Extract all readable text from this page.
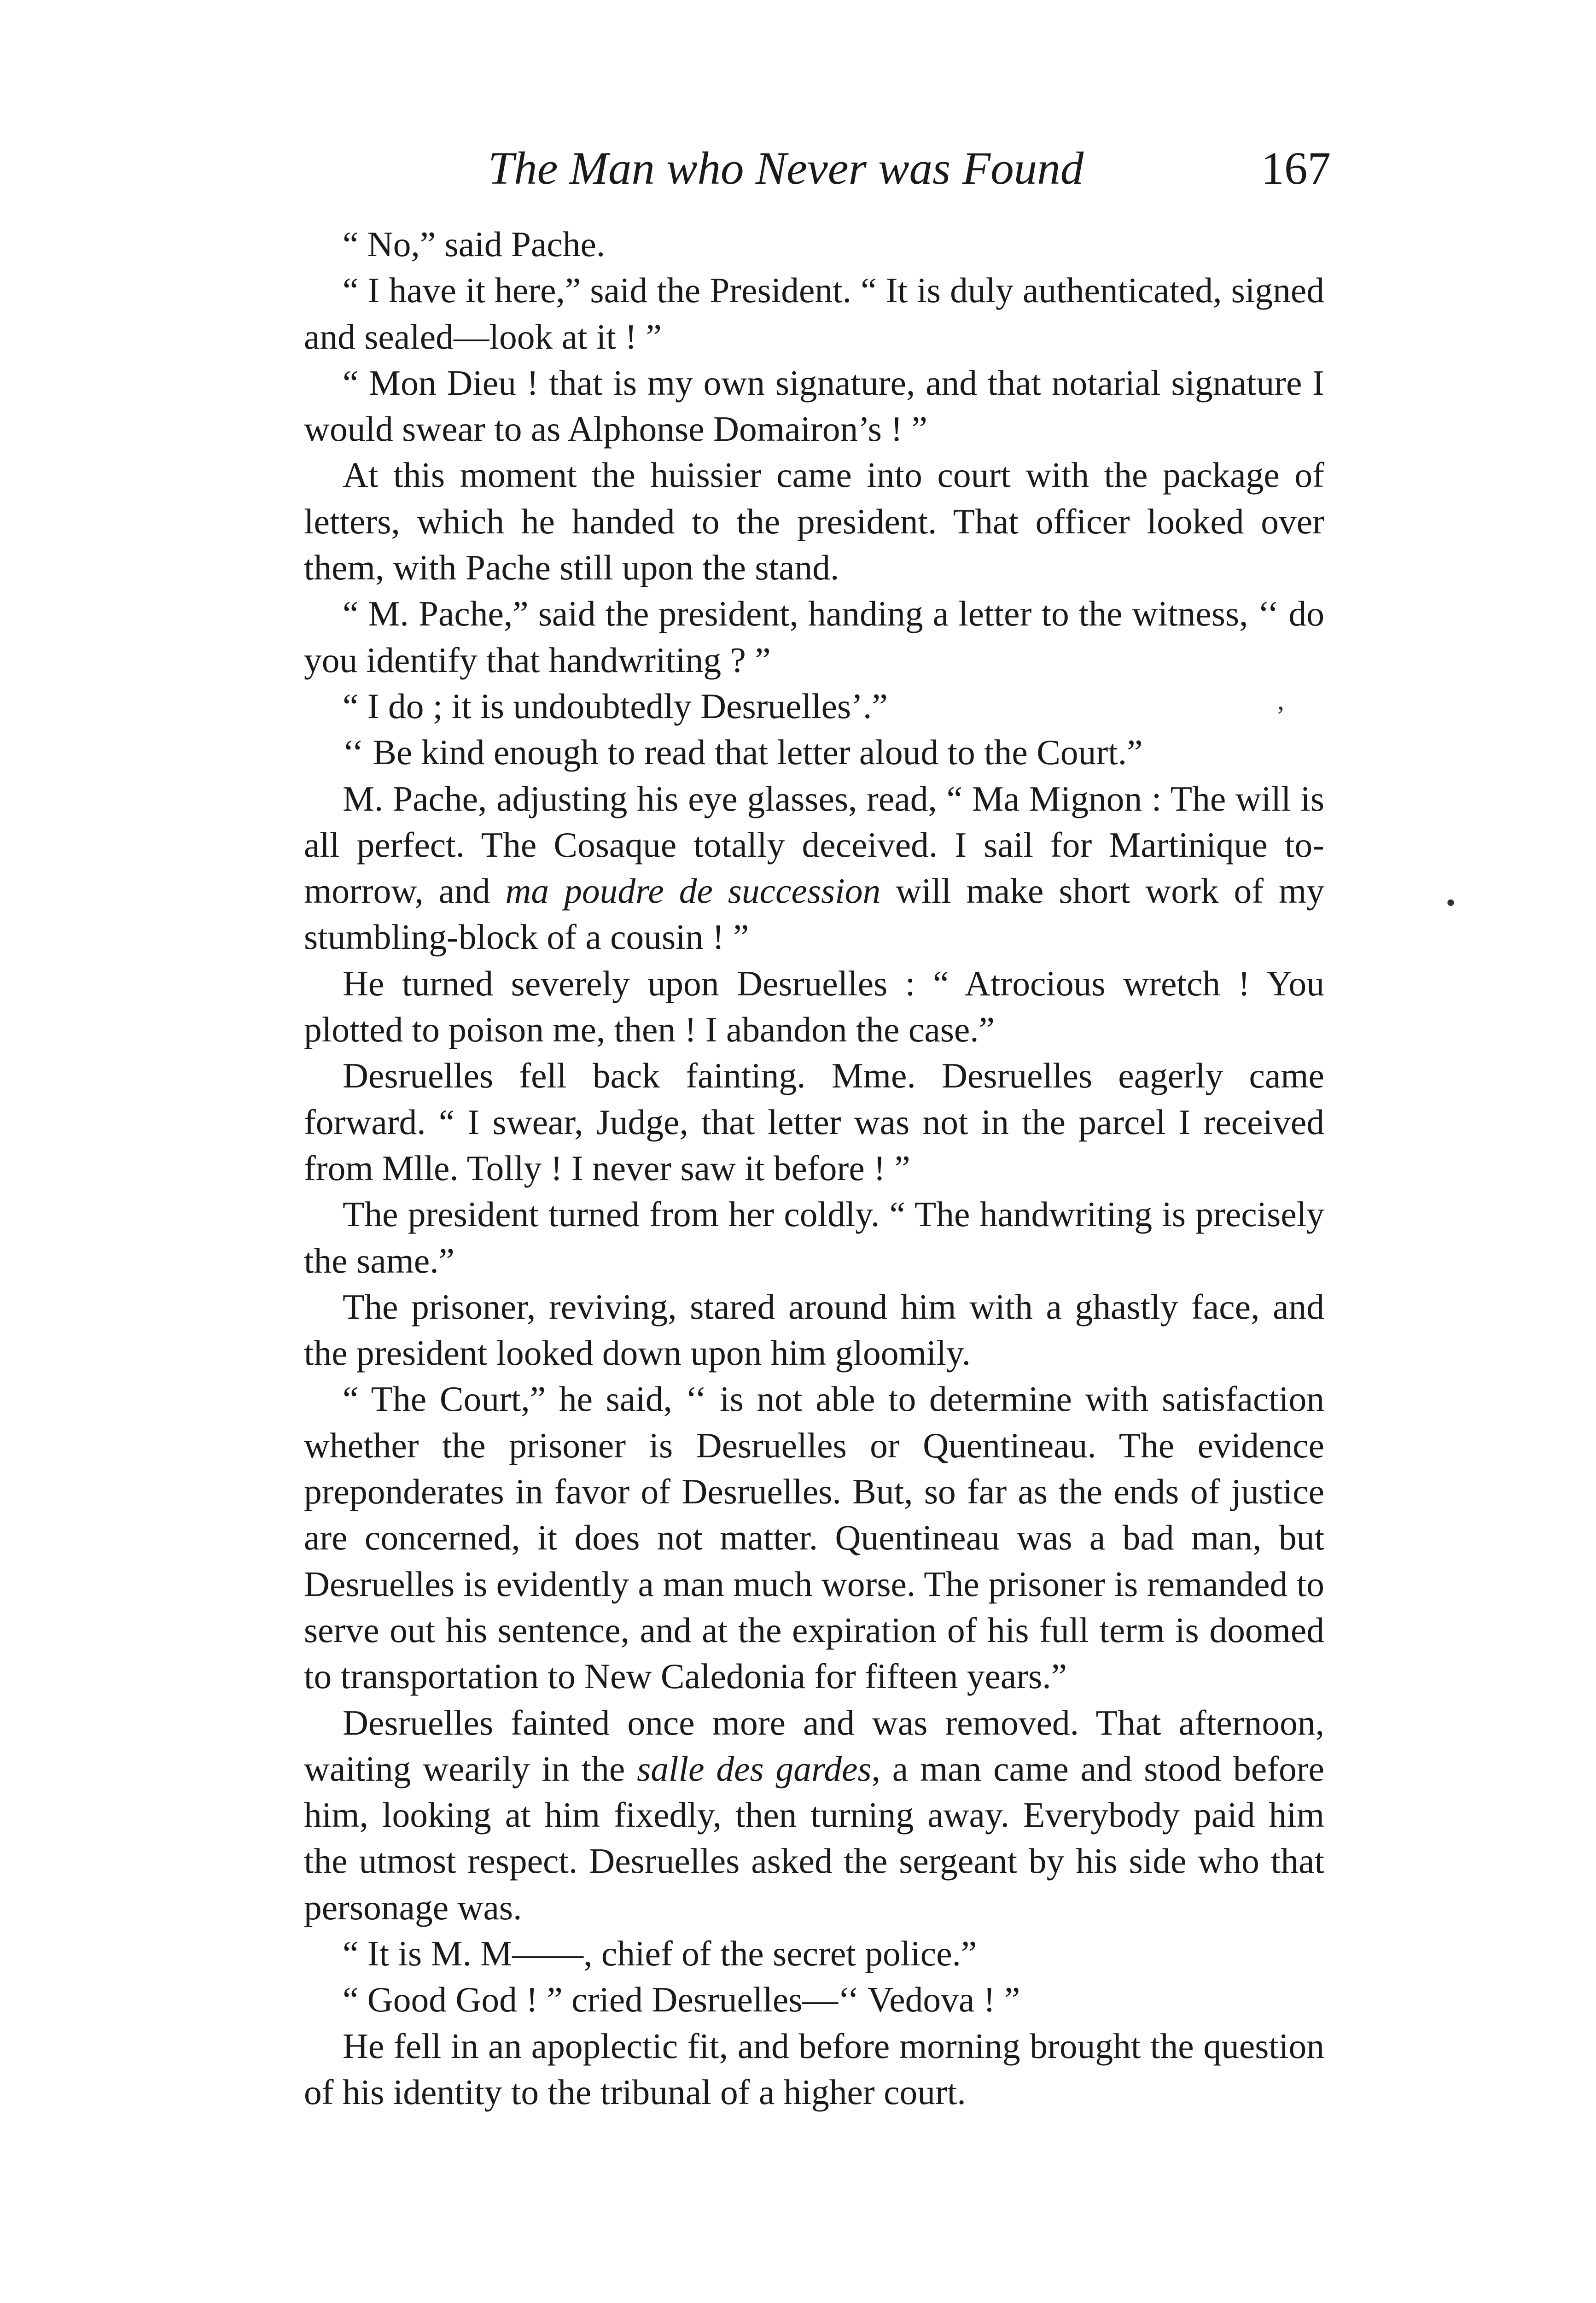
The Man who Never was Found	167

“ No,” said Pache.

“ I have it here,” said the President. “ It is duly authenticated, signed and sealed—look at it ! ”

“ Mon Dieu ! that is my own signature, and that notarial signature I would swear to as Alphonse Domairon’s ! ”

At this moment the huissier came into court with the package of letters, which he handed to the president. That officer looked over them, with Pache still upon the stand.

“ M. Pache,” said the president, handing a letter to the witness, ‘‘ do you identify that handwriting ? ”

“ I do ; it is undoubtedly Desruelles’.”

‘‘ Be kind enough to read that letter aloud to the Court.”

M. Pache, adjusting his eye glasses, read, “ Ma Mignon : The will is all perfect. The Cosaque totally deceived. I sail for Martinique to-morrow, and ma poudre de succession will make short work of my stumbling-block of a cousin ! ”

He turned severely upon Desruelles : “ Atrocious wretch ! You plotted to poison me, then ! I abandon the case.”

Desruelles fell back fainting. Mme. Desruelles eagerly came forward. “ I swear, Judge, that letter was not in the parcel I received from Mlle. Tolly ! I never saw it before ! ”

The president turned from her coldly. “ The handwriting is precisely the same.”

The prisoner, reviving, stared around him with a ghastly face, and the president looked down upon him gloomily.

“ The Court,” he said, ‘‘ is not able to determine with satisfaction whether the prisoner is Desruelles or Quentineau. The evidence preponderates in favor of Desruelles. But, so far as the ends of justice are concerned, it does not matter. Quentineau was a bad man, but Desruelles is evidently a man much worse. The prisoner is remanded to serve out his sentence, and at the expiration of his full term is doomed to transportation to New Caledonia for fifteen years.”

Desruelles fainted once more and was removed. That afternoon, waiting wearily in the salle des gardes, a man came and stood before him, looking at him fixedly, then turning away. Everybody paid him the utmost respect. Desruelles asked the sergeant by his side who that personage was.

“ It is M. M——, chief of the secret police.”

“ Good God ! ” cried Desruelles—‘‘ Vedova ! ”

He fell in an apoplectic fit, and before morning brought the question of his identity to the tribunal of a higher court.

,
•
